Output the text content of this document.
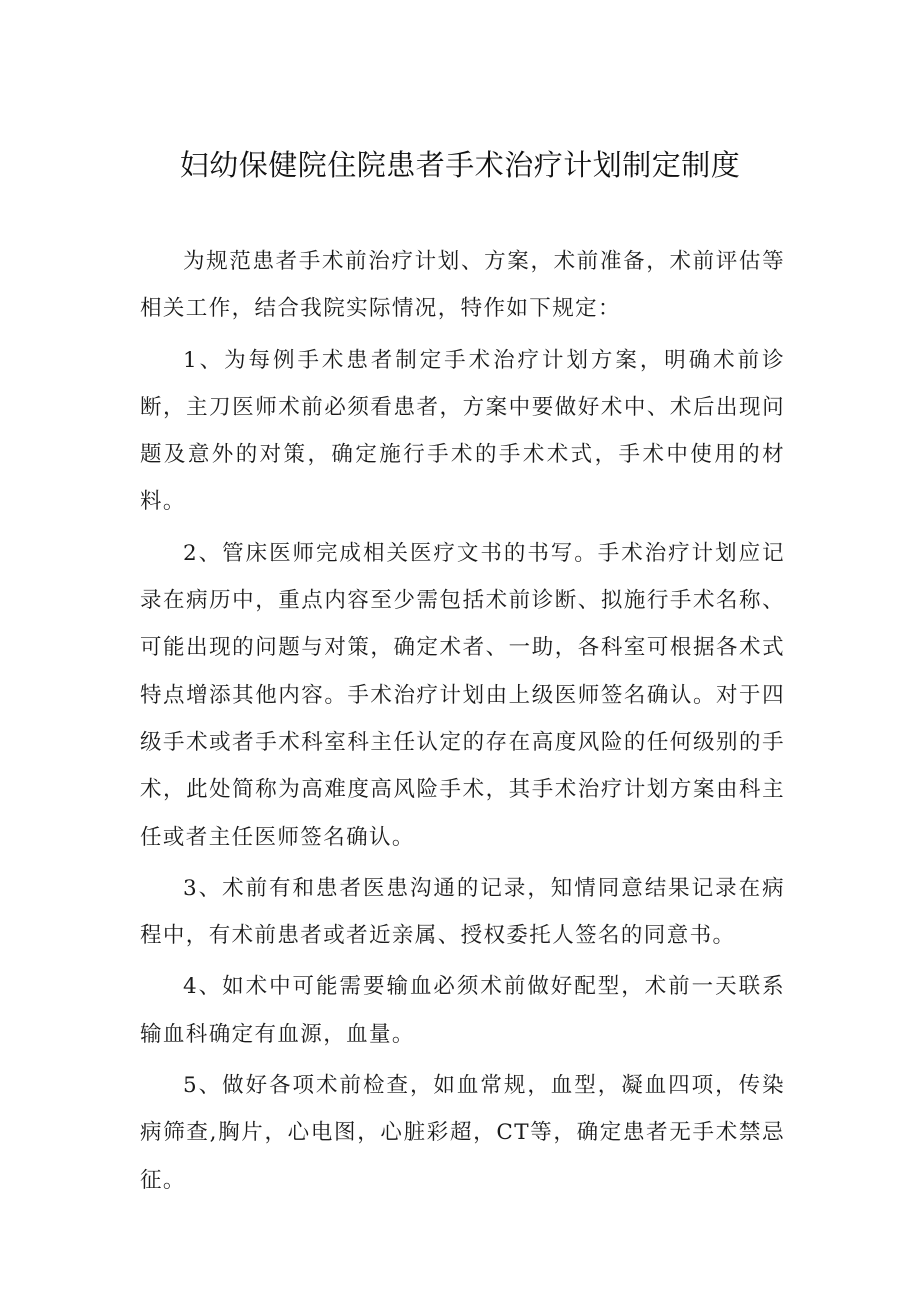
妇幼保健院住院患者手术治疗计划制定制度

为规范患者手术前治疗计划、方案，术前准备，术前评估等相关工作，结合我院实际情况，特作如下规定：

1、为每例手术患者制定手术治疗计划方案，明确术前诊断，主刀医师术前必须看患者，方案中要做好术中、术后出现问题及意外的对策，确定施行手术的手术术式，手术中使用的材料。

2、管床医师完成相关医疗文书的书写。手术治疗计划应记录在病历中，重点内容至少需包括术前诊断、拟施行手术名称、可能出现的问题与对策，确定术者、一助，各科室可根据各术式特点增添其他内容。手术治疗计划由上级医师签名确认。对于四级手术或者手术科室科主任认定的存在高度风险的任何级别的手术，此处简称为高难度高风险手术，其手术治疗计划方案由科主任或者主任医师签名确认。

3、术前有和患者医患沟通的记录，知情同意结果记录在病程中，有术前患者或者近亲属、授权委托人签名的同意书。

4、如术中可能需要输血必须术前做好配型，术前一天联系输血科确定有血源，血量。

5、做好各项术前检查，如血常规，血型，凝血四项，传染病筛查,胸片，心电图，心脏彩超，CT等，确定患者无手术禁忌征。
